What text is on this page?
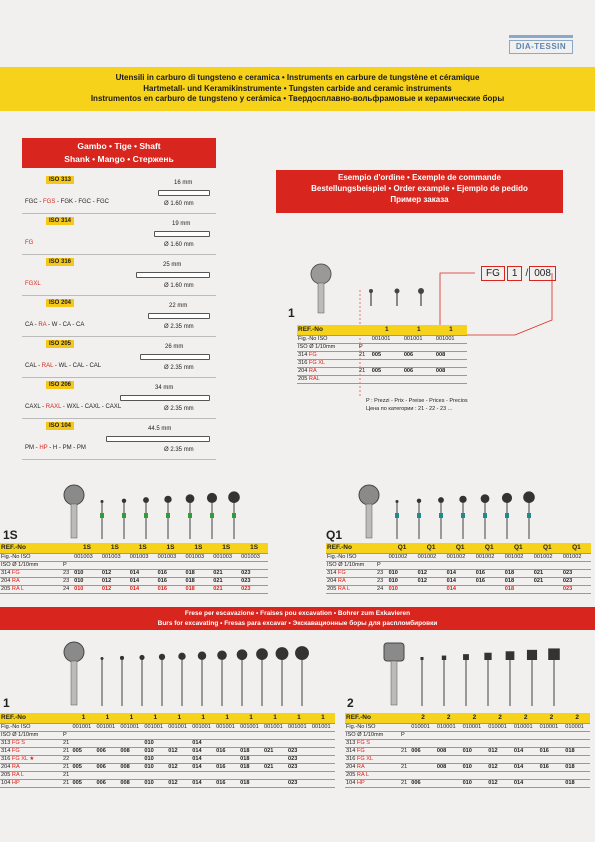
DIA-TESSIN
Utensili in carburo di tungsteno e ceramica • Instruments en carbure de tungstène et céramique
Hartmetall- und Keramikinstrumente • Tungsten carbide and ceramic instruments
Instrumentos en carburo de tungsteno y cerámica • Твердосплавно-вольфрамовые и керамические боры
Gambo • Tige • Shaft
Shank • Mango • Стержень
ISO 313
FGC - FGS - FGK - FGC - FGC
16 mm
Ø 1.60 mm
ISO 314
FG
19 mm
Ø 1.60 mm
ISO 316
FGXL
25 mm
Ø 1.60 mm
ISO 204
CA - RA - W - CA - CA
22 mm
Ø 2.35 mm
ISO 205
CAL - RAL - WL - CAL - CAL
26 mm
Ø 2.35 mm
ISO 206
CAXL - RAXL - WXL - CAXL - CAXL
34 mm
Ø 2.35 mm
ISO 104
PM - HP - H - PM - PM
44.5 mm
Ø 2.35 mm
Esempio d'ordine • Exemple de commande
Bestellungsbeispiel • Order example • Ejemplo de pedido
Пример заказа
FG 1 / 008
1
REF.-No		1	1	1
Fig.-No ISO		001001	001001	001001
ISO Ø 1/10mm	P			
314 FG	21	005	006	008
316 FG XL				
204 RA	21	005	006	008
205 RAL				
P : Prezzi - Prix - Preise - Prices - Precios
Цена по категории : 21 - 22 - 23 ...
1S	Q1
REF.-No		1S	1S	1S	1S	1S	1S	1S
Fig.-No ISO		001003	001003	001003	001003	001003	001003	001003
ISO Ø 1/10mm	P							
314 FG	23	010	012	014	016	018	021	023
204 RA	23	010	012	014	016	018	021	023
205 RA L	24	010	012	014	016	018	021	023
REF.-No		Q1	Q1	Q1	Q1	Q1	Q1	Q1
Fig.-No ISO		001002	001002	001002	001002	001002	001002	001002
ISO Ø 1/10mm	P							
314 FG	23	010	012	014	016	018	021	023
204 RA	23	010	012	014	016	018	021	023
205 RA L	24	010		014		018		023
Frese per escavazione • Fraises pou excavation • Bohrer zum Exkavieren
Burs for excavating • Fresas para excavar • Экскавационные боры для распломбировки
1	2
REF.-No		1	1	1	1	1	1	1	1	1	1	1
Fig.-No ISO		001001	001001	001001	001001	001001	001001	001001	001001	001001	001001	001001
ISO Ø 1/10mm	P											
313 FG S	21				010		014					
314 FG	21	005	006	008	010	012	014	016	018	021	023	
316 FG XL ★	22				010		014		018		023	
204 RA	21	005	006	008	010	012	014	016	018	021	023	
205 RA L	21											
104 HP	21	005	006	008	010	012	014	016	018		023	
REF.-No		2	2	2	2	2	2	2
Fig.-No ISO		010001	010001	010001	010001	010001	010001	010001
ISO Ø 1/10mm	P							
313 FG S								
314 FG	21	006	008	010	012	014	016	018
316 FG XL								
204 RA	21		008	010	012	014	016	018
205 RA L								
104 HP	21	006		010	012	014		018
